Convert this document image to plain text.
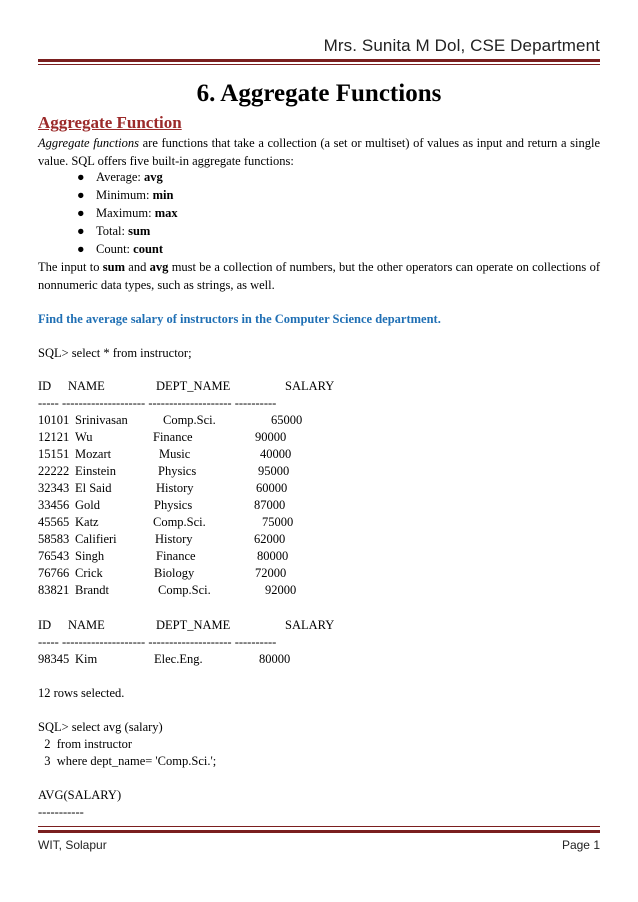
Mrs. Sunita M Dol, CSE Department
6. Aggregate Functions
Aggregate Function
Aggregate functions are functions that take a collection (a set or multiset) of values as input and return a single value. SQL offers five built-in aggregate functions:
● Average: avg
● Minimum: min
● Maximum: max
● Total: sum
● Count: count
The input to sum and avg must be a collection of numbers, but the other operators can operate on collections of nonnumeric data types, such as strings, as well.
Find the average salary of instructors in the Computer Science department.
SQL> select * from instructor;
ID NAME	DEPT_NAME	SALARY
----- -------------------- -------------------- ----------
10101 Srinivasan	Comp.Sci.	65000
12121 Wu	Finance	90000
15151 Mozart	Music	40000
22222 Einstein	Physics	95000
32343 El Said	History	60000
33456 Gold	Physics	87000
45565 Katz	Comp.Sci.	75000
58583 Califieri	History	62000
76543 Singh	Finance	80000
76766 Crick	Biology	72000
83821 Brandt	Comp.Sci.	92000
ID NAME	DEPT_NAME	SALARY
----- -------------------- -------------------- ----------
98345 Kim	Elec.Eng.	80000
12 rows selected.
SQL> select avg (salary)
2  from instructor
3  where dept_name= 'Comp.Sci.';
AVG(SALARY)
-----------
WIT, Solapur	Page 1
